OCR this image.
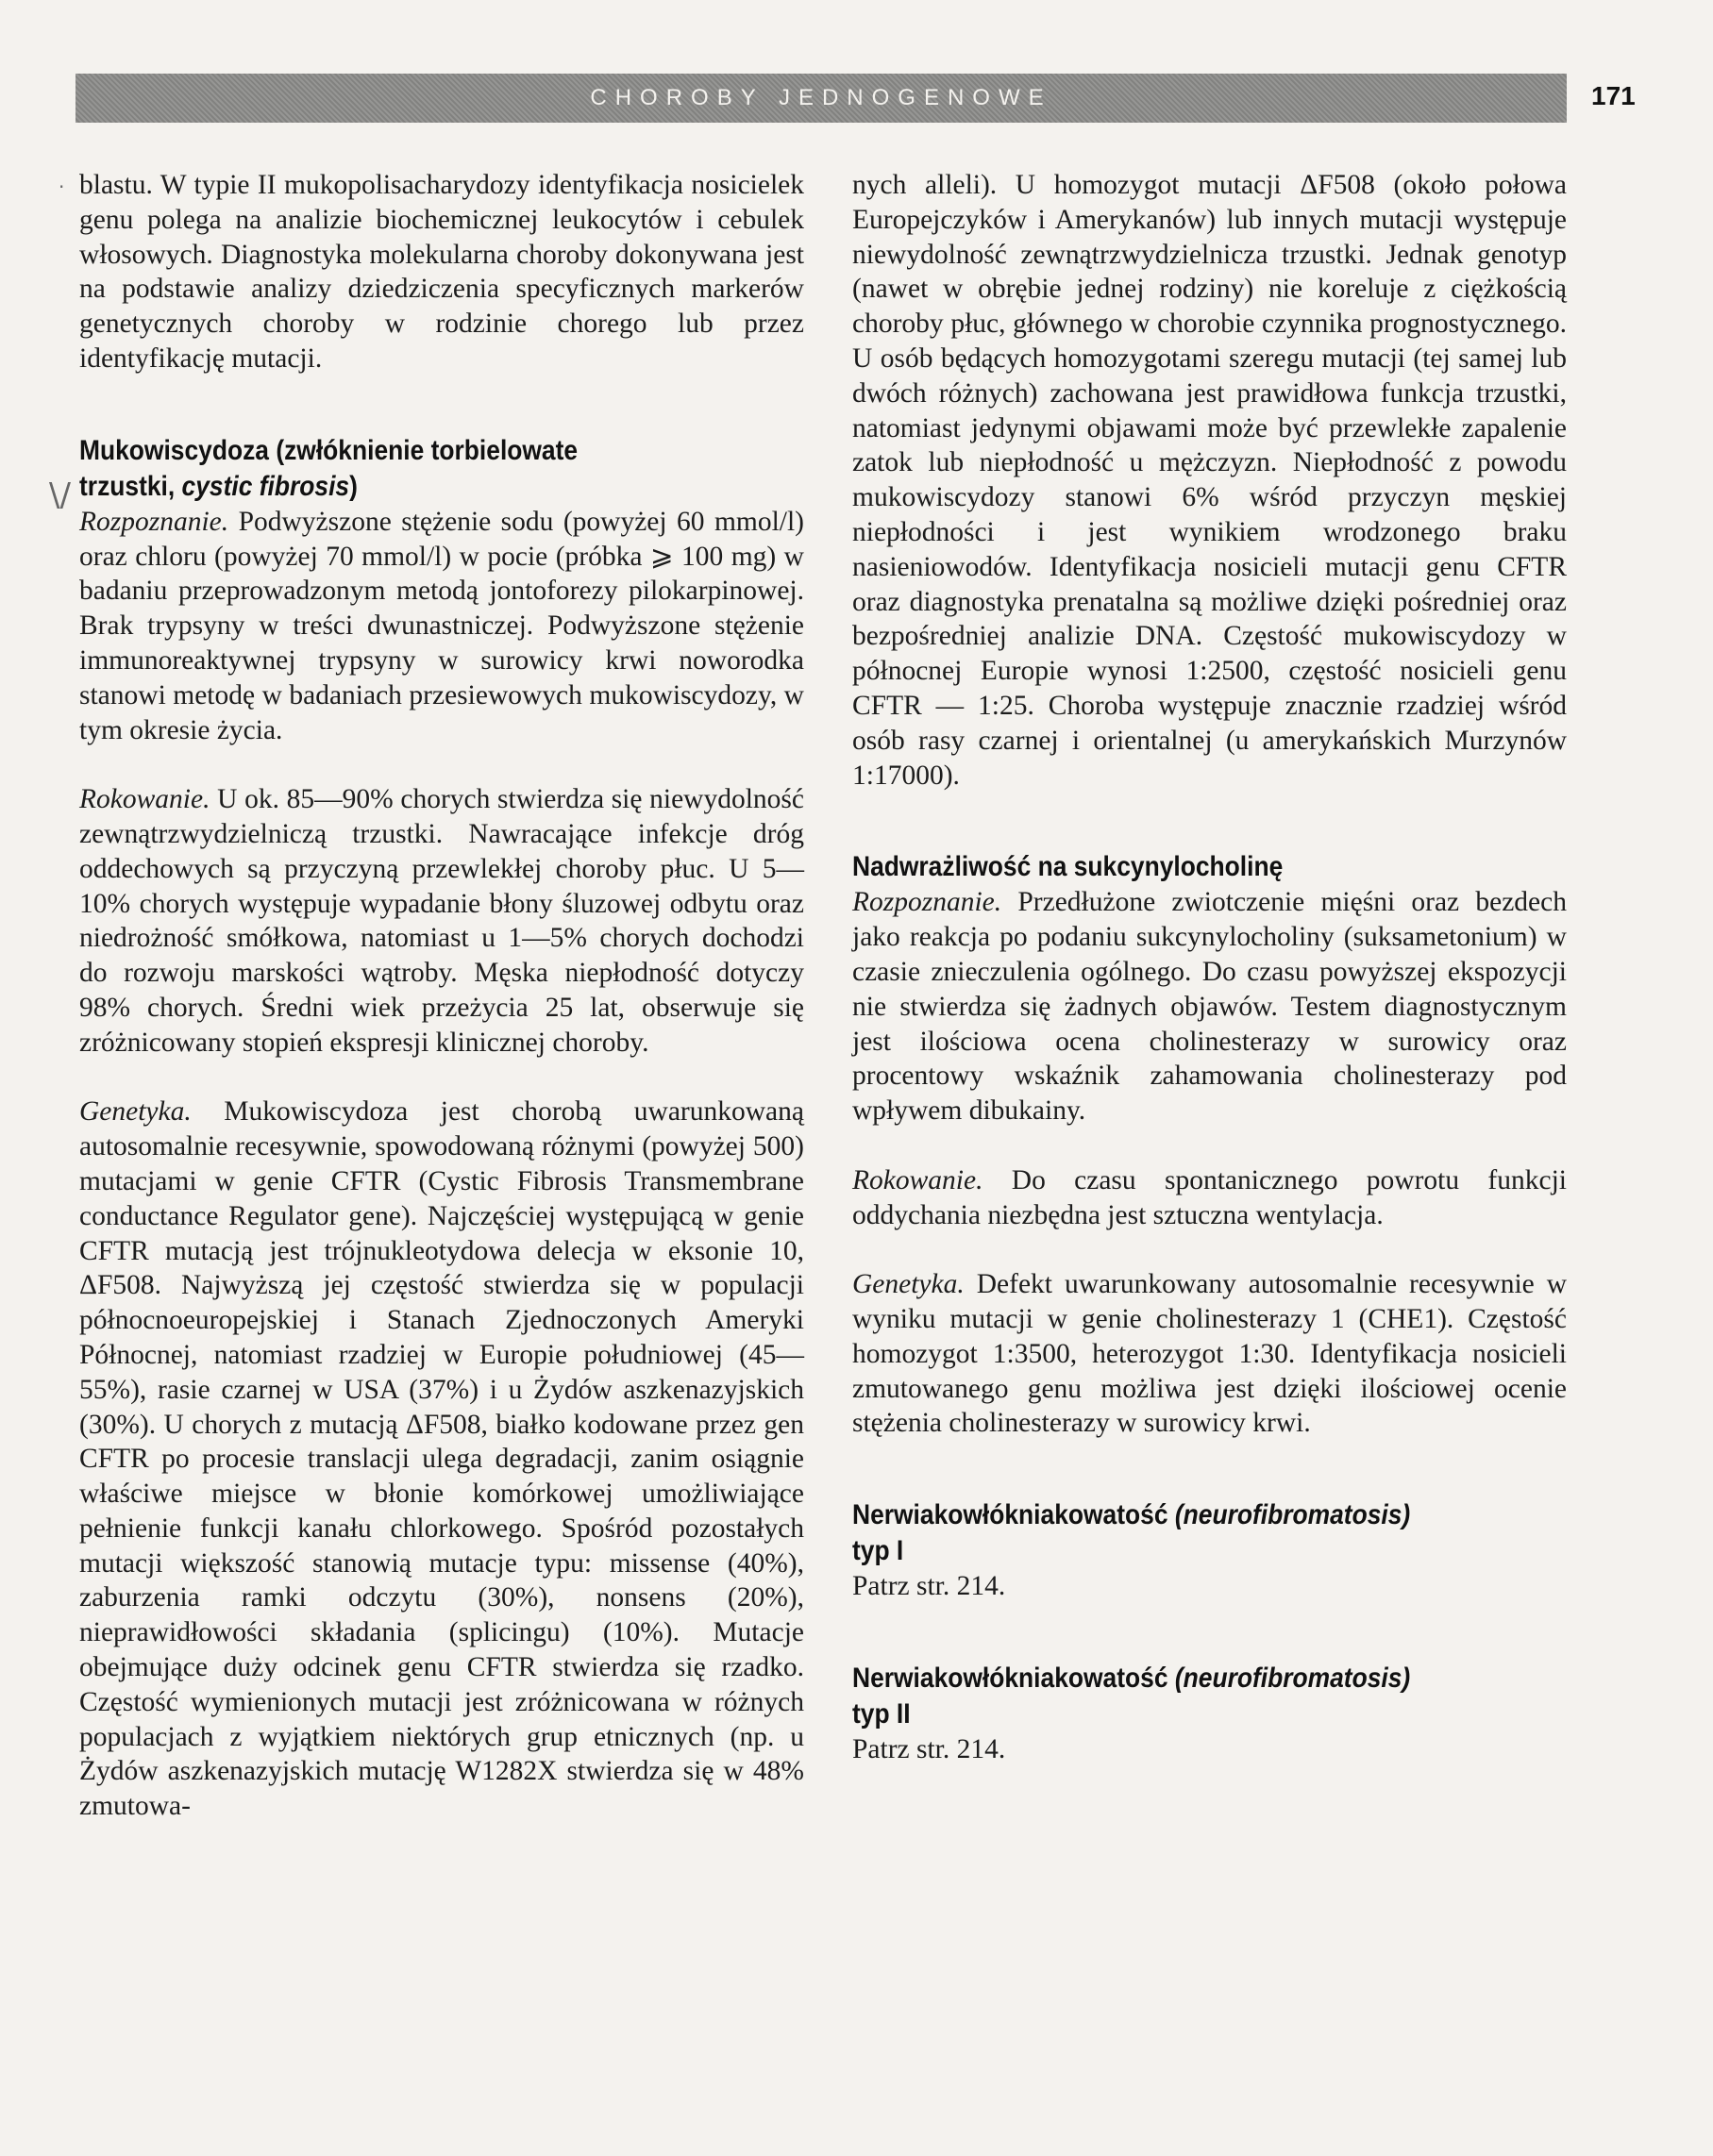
CHOROBY JEDNOGENOWE	171
·
\/

blastu. W typie II mukopolisacharydozy identyfikacja nosicielek genu polega na analizie biochemicznej leukocytów i cebulek włosowych. Diagnostyka molekularna choroby dokonywana jest na podstawie analizy dziedziczenia specyficznych markerów genetycznych choroby w rodzinie chorego lub przez identyfikację mutacji.

Mukowiscydoza (zwłóknienie torbielowate
trzustki, cystic fibrosis)

Rozpoznanie. Podwyższone stężenie sodu (powyżej 60 mmol/l) oraz chloru (powyżej 70 mmol/l) w pocie (próbka ⩾ 100 mg) w badaniu przeprowadzonym metodą jontoforezy pilokarpinowej. Brak trypsyny w treści dwunastniczej. Podwyższone stężenie immunoreaktywnej trypsyny w surowicy krwi noworodka stanowi metodę w badaniach przesiewowych mukowiscydozy, w tym okresie życia.

Rokowanie. U ok. 85—90% chorych stwierdza się niewydolność zewnątrzwydzielniczą trzustki. Nawracające infekcje dróg oddechowych są przyczyną przewlekłej choroby płuc. U 5—10% chorych występuje wypadanie błony śluzowej odbytu oraz niedrożność smółkowa, natomiast u 1—5% chorych dochodzi do rozwoju marskości wątroby. Męska niepłodność dotyczy 98% chorych. Średni wiek przeżycia 25 lat, obserwuje się zróżnicowany stopień ekspresji klinicznej choroby.

Genetyka. Mukowiscydoza jest chorobą uwarunkowaną autosomalnie recesywnie, spowodowaną różnymi (powyżej 500) mutacjami w genie CFTR (Cystic Fibrosis Transmembrane conductance Regulator gene). Najczęściej występującą w genie CFTR mutacją jest trójnukleotydowa delecja w eksonie 10, ΔF508. Najwyższą jej częstość stwierdza się w populacji północnoeuropejskiej i Stanach Zjednoczonych Ameryki Północnej, natomiast rzadziej w Europie południowej (45—55%), rasie czarnej w USA (37%) i u Żydów aszkenazyjskich (30%). U chorych z mutacją ΔF508, białko kodowane przez gen CFTR po procesie translacji ulega degradacji, zanim osiągnie właściwe miejsce w błonie komórkowej umożliwiające pełnienie funkcji kanału chlorkowego. Spośród pozostałych mutacji większość stanowią mutacje typu: missense (40%), zaburzenia ramki odczytu (30%), nonsens (20%), nieprawidłowości składania (splicingu) (10%). Mutacje obejmujące duży odcinek genu CFTR stwierdza się rzadko. Częstość wymienionych mutacji jest zróżnicowana w różnych populacjach z wyjątkiem niektórych grup etnicznych (np. u Żydów aszkenazyjskich mutację W1282X stwierdza się w 48% zmutowa-

nych alleli). U homozygot mutacji ΔF508 (około połowa Europejczyków i Amerykanów) lub innych mutacji występuje niewydolność zewnątrzwydzielnicza trzustki. Jednak genotyp (nawet w obrębie jednej rodziny) nie koreluje z ciężkością choroby płuc, głównego w chorobie czynnika prognostycznego. U osób będących homozygotami szeregu mutacji (tej samej lub dwóch różnych) zachowana jest prawidłowa funkcja trzustki, natomiast jedynymi objawami może być przewlekłe zapalenie zatok lub niepłodność u mężczyzn. Niepłodność z powodu mukowiscydozy stanowi 6% wśród przyczyn męskiej niepłodności i jest wynikiem wrodzonego braku nasieniowodów. Identyfikacja nosicieli mutacji genu CFTR oraz diagnostyka prenatalna są możliwe dzięki pośredniej oraz bezpośredniej analizie DNA. Częstość mukowiscydozy w północnej Europie wynosi 1:2500, częstość nosicieli genu CFTR — 1:25. Choroba występuje znacznie rzadziej wśród osób rasy czarnej i orientalnej (u amerykańskich Murzynów 1:17000).

Nadwrażliwość na sukcynylocholinę

Rozpoznanie. Przedłużone zwiotczenie mięśni oraz bezdech jako reakcja po podaniu sukcynylocholiny (suksametonium) w czasie znieczulenia ogólnego. Do czasu powyższej ekspozycji nie stwierdza się żadnych objawów. Testem diagnostycznym jest ilościowa ocena cholinesterazy w surowicy oraz procentowy wskaźnik zahamowania cholinesterazy pod wpływem dibukainy.

Rokowanie. Do czasu spontanicznego powrotu funkcji oddychania niezbędna jest sztuczna wentylacja.

Genetyka. Defekt uwarunkowany autosomalnie recesywnie w wyniku mutacji w genie cholinesterazy 1 (CHE1). Częstość homozygot 1:3500, heterozygot 1:30. Identyfikacja nosicieli zmutowanego genu możliwa jest dzięki ilościowej ocenie stężenia cholinesterazy w surowicy krwi.

Nerwiakowłókniakowatość (neurofibromatosis)
typ I

Patrz str. 214.

Nerwiakowłókniakowatość (neurofibromatosis)
typ II

Patrz str. 214.
